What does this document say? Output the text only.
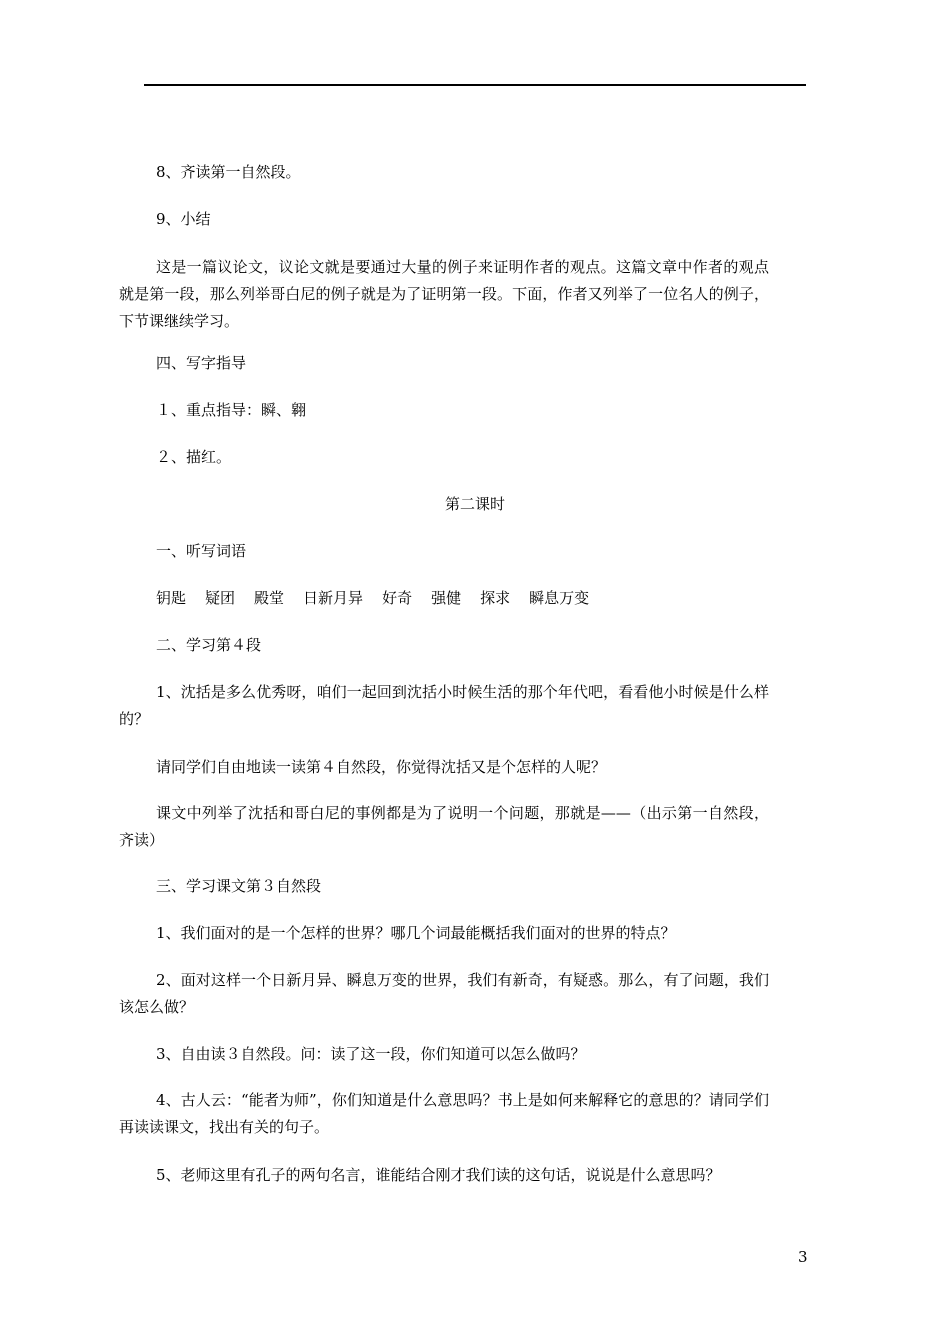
8、齐读第一自然段。
9、小结
这是一篇议论文，议论文就是要通过大量的例子来证明作者的观点。这篇文章中作者的观点就是第一段，那么列举哥白尼的例子就是为了证明第一段。下面，作者又列举了一位名人的例子，下节课继续学习。
四、写字指导
１、重点指导：瞬、翱
２、描红。
第二课时
一、听写词语
钥匙 疑团 殿堂 日新月异 好奇 强健 探求 瞬息万变
二、学习第４段
1、沈括是多么优秀呀，咱们一起回到沈括小时候生活的那个年代吧，看看他小时候是什么样的？
请同学们自由地读一读第４自然段，你觉得沈括又是个怎样的人呢？
课文中列举了沈括和哥白尼的事例都是为了说明一个问题，那就是——（出示第一自然段，齐读）
三、学习课文第３自然段
1、我们面对的是一个怎样的世界？哪几个词最能概括我们面对的世界的特点？
2、面对这样一个日新月异、瞬息万变的世界，我们有新奇，有疑惑。那么，有了问题，我们该怎么做？
3、自由读３自然段。问：读了这一段，你们知道可以怎么做吗？
4、古人云：“能者为师”，你们知道是什么意思吗？书上是如何来解释它的意思的？请同学们再读读课文，找出有关的句子。
5、老师这里有孔子的两句名言，谁能结合刚才我们读的这句话，说说是什么意思吗？
3
